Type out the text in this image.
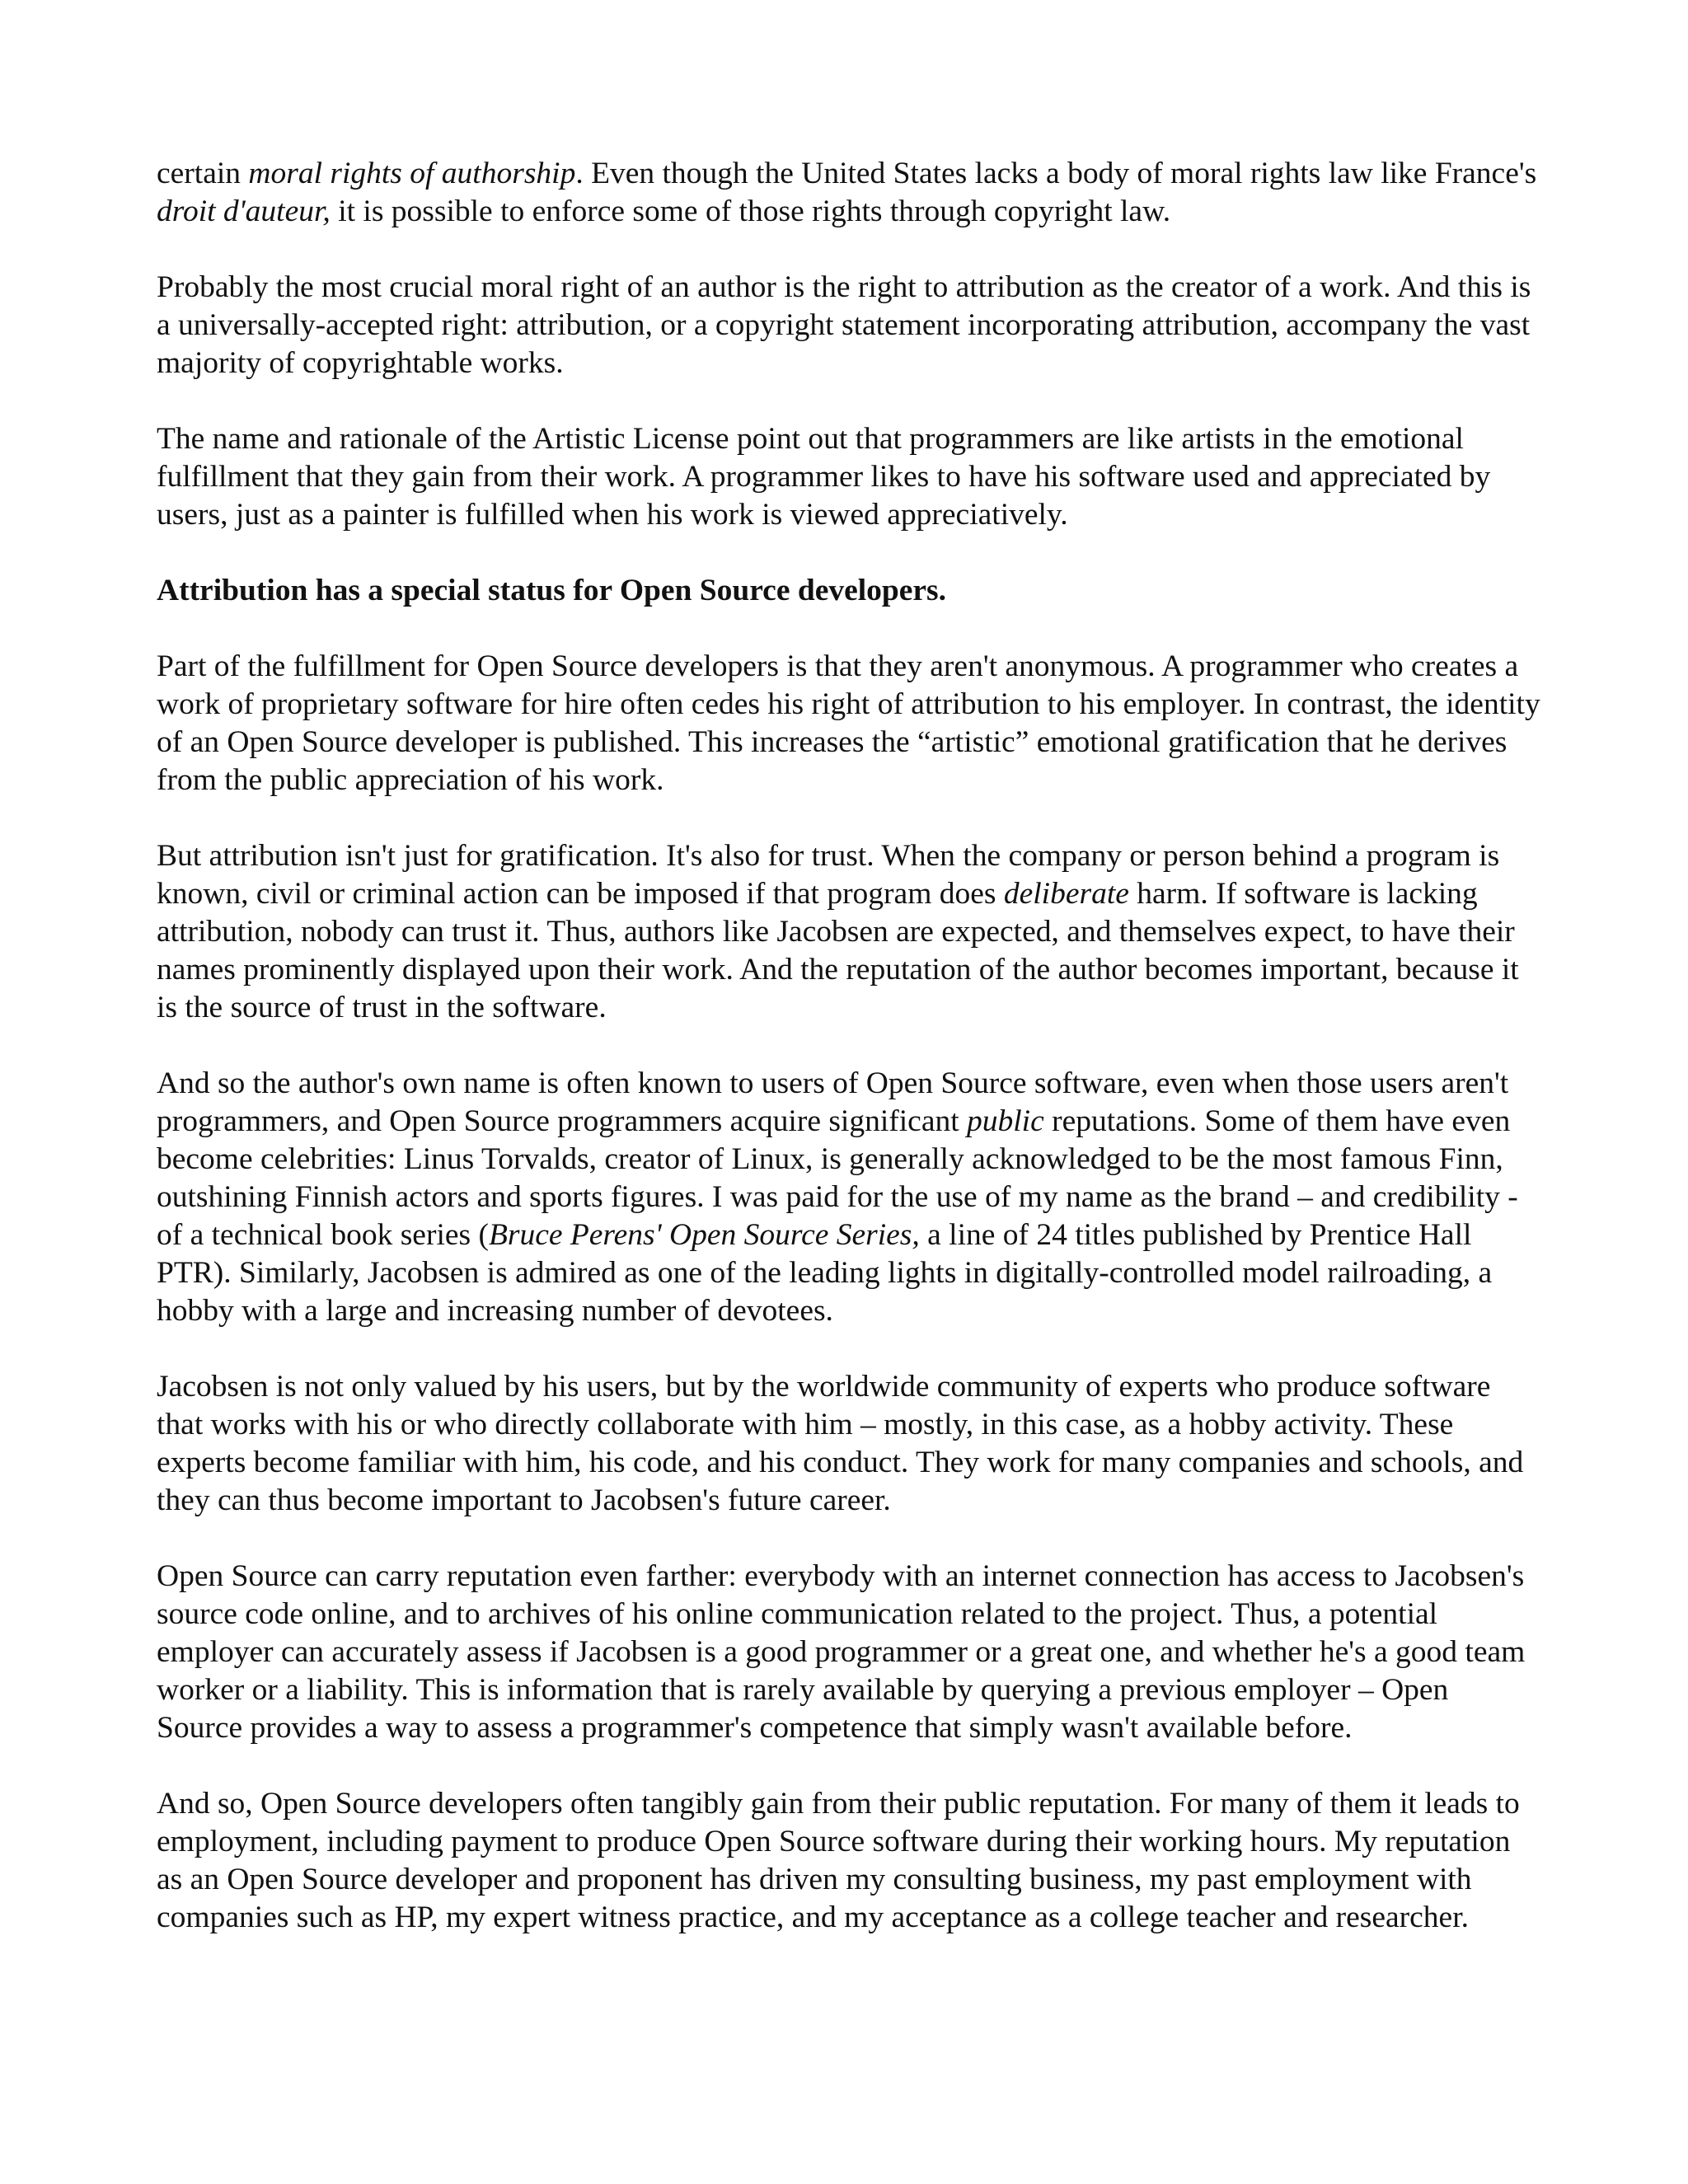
certain moral rights of authorship. Even though the United States lacks a body of moral rights law like France's droit d'auteur, it is possible to enforce some of those rights through copyright law.

Probably the most crucial moral right of an author is the right to attribution as the creator of a work. And this is a universally-accepted right: attribution, or a copyright statement incorporating attribution, accompany the vast majority of copyrightable works.

The name and rationale of the Artistic License point out that programmers are like artists in the emotional fulfillment that they gain from their work. A programmer likes to have his software used and appreciated by users, just as a painter is fulfilled when his work is viewed appreciatively.

Attribution has a special status for Open Source developers.

Part of the fulfillment for Open Source developers is that they aren't anonymous. A programmer who creates a work of proprietary software for hire often cedes his right of attribution to his employer. In contrast, the identity of an Open Source developer is published. This increases the “artistic” emotional gratification that he derives from the public appreciation of his work.

But attribution isn't just for gratification. It's also for trust. When the company or person behind a program is known, civil or criminal action can be imposed if that program does deliberate harm. If software is lacking attribution, nobody can trust it. Thus, authors like Jacobsen are expected, and themselves expect, to have their names prominently displayed upon their work. And the reputation of the author becomes important, because it is the source of trust in the software.

And so the author's own name is often known to users of Open Source software, even when those users aren't programmers, and Open Source programmers acquire significant public reputations. Some of them have even become celebrities: Linus Torvalds, creator of Linux, is generally acknowledged to be the most famous Finn, outshining Finnish actors and sports figures. I was paid for the use of my name as the brand – and credibility - of a technical book series (Bruce Perens' Open Source Series, a line of 24 titles published by Prentice Hall PTR). Similarly, Jacobsen is admired as one of the leading lights in digitally-controlled model railroading, a hobby with a large and increasing number of devotees.

Jacobsen is not only valued by his users, but by the worldwide community of experts who produce software that works with his or who directly collaborate with him – mostly, in this case, as a hobby activity. These experts become familiar with him, his code, and his conduct. They work for many companies and schools, and they can thus become important to Jacobsen's future career.

Open Source can carry reputation even farther: everybody with an internet connection has access to Jacobsen's source code online, and to archives of his online communication related to the project. Thus, a potential employer can accurately assess if Jacobsen is a good programmer or a great one, and whether he's a good team worker or a liability. This is information that is rarely available by querying a previous employer – Open Source provides a way to assess a programmer's competence that simply wasn't available before.

And so, Open Source developers often tangibly gain from their public reputation. For many of them it leads to employment, including payment to produce Open Source software during their working hours. My reputation as an Open Source developer and proponent has driven my consulting business, my past employment with companies such as HP, my expert witness practice, and my acceptance as a college teacher and researcher.
